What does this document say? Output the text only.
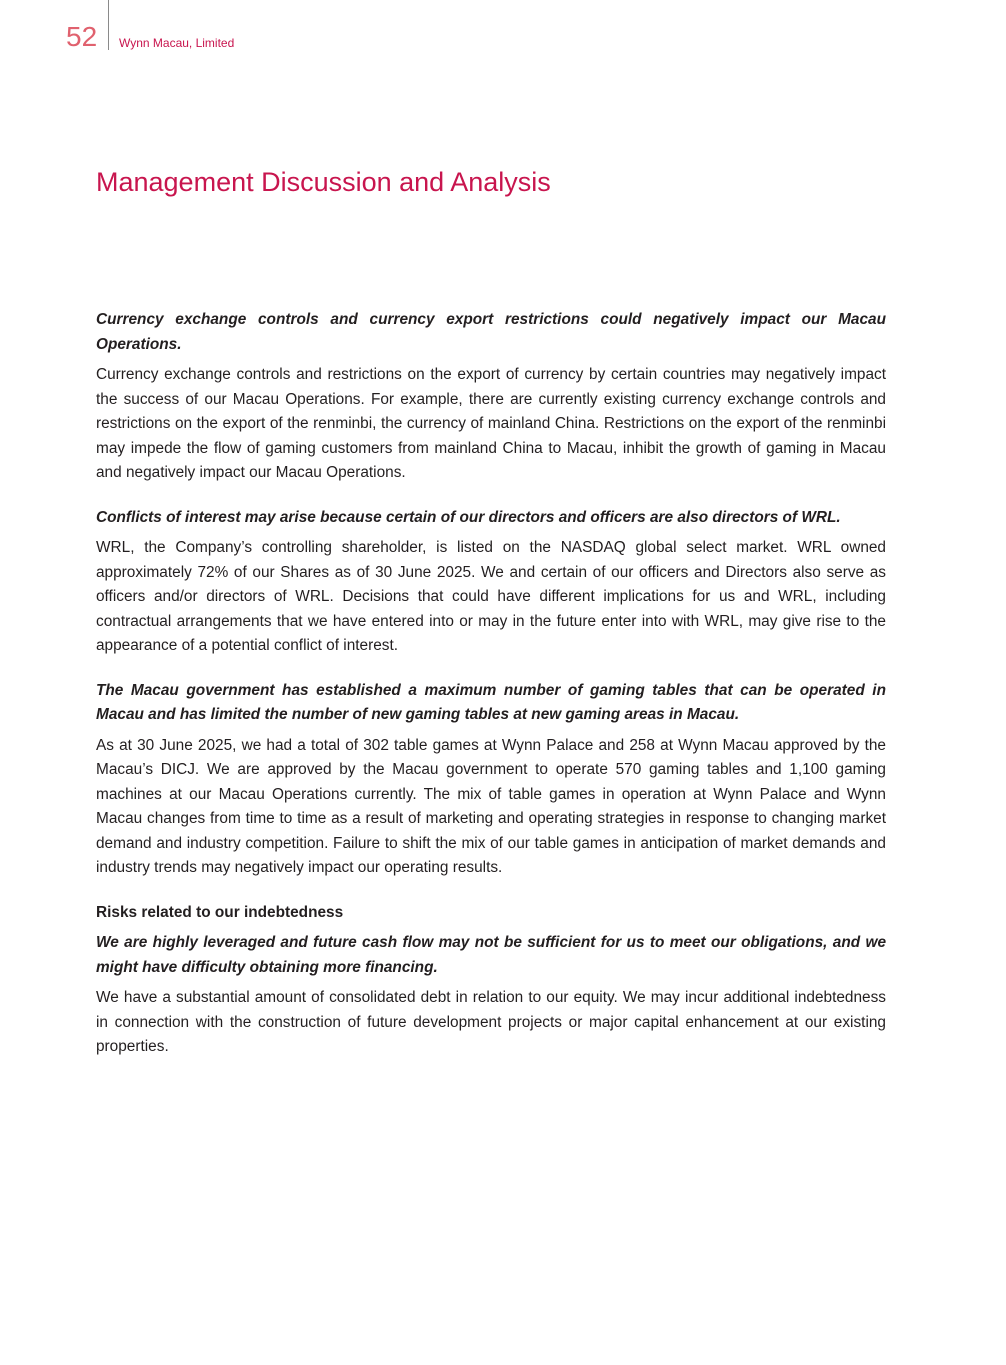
52 Wynn Macau, Limited
Management Discussion and Analysis

Currency exchange controls and currency export restrictions could negatively impact our Macau Operations.

Currency exchange controls and restrictions on the export of currency by certain countries may negatively impact the success of our Macau Operations. For example, there are currently existing currency exchange controls and restrictions on the export of the renminbi, the currency of mainland China. Restrictions on the export of the renminbi may impede the flow of gaming customers from mainland China to Macau, inhibit the growth of gaming in Macau and negatively impact our Macau Operations.

Conflicts of interest may arise because certain of our directors and officers are also directors of WRL.

WRL, the Company’s controlling shareholder, is listed on the NASDAQ global select market. WRL owned approximately 72% of our Shares as of 30 June 2025. We and certain of our officers and Directors also serve as officers and/or directors of WRL. Decisions that could have different implications for us and WRL, including contractual arrangements that we have entered into or may in the future enter into with WRL, may give rise to the appearance of a potential conflict of interest.

The Macau government has established a maximum number of gaming tables that can be operated in Macau and has limited the number of new gaming tables at new gaming areas in Macau.

As at 30 June 2025, we had a total of 302 table games at Wynn Palace and 258 at Wynn Macau approved by the Macau’s DICJ. We are approved by the Macau government to operate 570 gaming tables and 1,100 gaming machines at our Macau Operations currently. The mix of table games in operation at Wynn Palace and Wynn Macau changes from time to time as a result of marketing and operating strategies in response to changing market demand and industry competition. Failure to shift the mix of our table games in anticipation of market demands and industry trends may negatively impact our operating results.

Risks related to our indebtedness

We are highly leveraged and future cash flow may not be sufficient for us to meet our obligations, and we might have difficulty obtaining more financing.

We have a substantial amount of consolidated debt in relation to our equity. We may incur additional indebtedness in connection with the construction of future development projects or major capital enhancement at our existing properties.
